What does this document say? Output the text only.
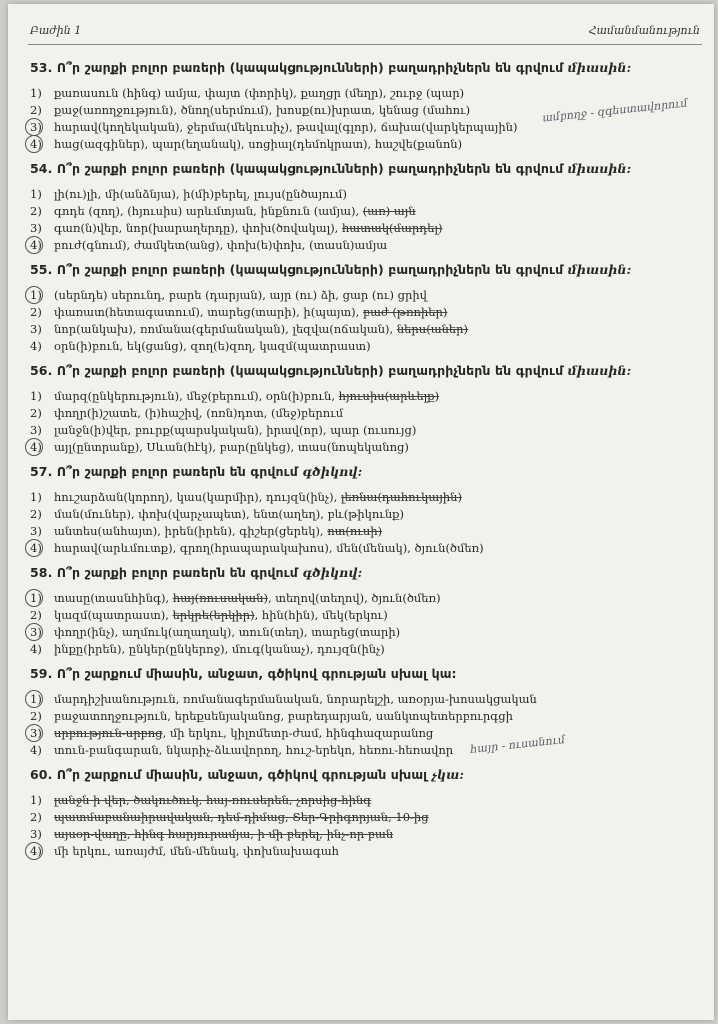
Բաժին 1	Համանմանություն
53. Ո՞ր շարքի բոլոր բառերի (կապակցությունների) բաղադրիչներն են գրվում միասին:
1) քառասուն (հինգ) ամյա, փայտ (փորիկ), քաղցր (մեղր), շուրջ (պար)
2) քաջ(առողջություն), ծնող(սերմում), խոսք(ու)խրատ, կենաց (մահու)
3) հարավ(կողեկական), ջերմա(մեկուսիչ), թավալ(գլոր), ճախա(վարկերպային)
4) հաց(ազգիներ), պար(եղանակ), սոցիալ(դեմոկրատ), հաշվե(քանոն)
54. Ո՞ր շարքի բոլոր բառերի (կապակցությունների) բաղադրիչներն են գրվում միասին:
1) լի(ու)լի, մի(անձնյա), ի(մի)բերել, լույս(ընծայում)
2) գոդե (զող), (հյուսիս) արևմտյան, ինքնուն (ամյա), (առ) այն
3) գառ(ն)վեր, նոր(խարաղերդը), փոխ(ծովակալ), հատակ(մարդել)
4) բուժ(գնում), ժամկետ(անց), փոխ(ե)փոխ, (տասն)ամյա
55. Ո՞ր շարքի բոլոր բառերի (կապակցությունների) բաղադրիչներն են գրվում միասին:
1) (սերնդե) սերունդ, բարե (դարյան), այր (ու) ձի, ցար (ու) ցրիվ
2) փառատ(հետագատում), տարեց(տարի), ի(պայտ), բաժ (թռոիեր)
3) նոր(անկախ), ռոմանա(գերմանական), լեզվա(ոճական), ներս(աներ)
4) օրն(ի)բուն, եկ(ցանց), զող(ե)զող, կազմ(պատրաստ)
56. Ո՞ր շարքի բոլոր բառերի (կապակցությունների) բաղադրիչներն են գրվում միասին:
1) մարզ(ընկերություն), մեջ(բերում), օրն(ի)բուն, հյուսիս(արևելք)
2) փողր(ի)շատե, (ի)հաշիվ, (ոռն)դոտ, (մեջ)բերում
3) լանջն(ի)վեր, բուրք(պարսկական), իրավ(որ), պար (ուսույց)
4) այլ(ընտրանք), Սևան(հէկ), բար(ընկեց), տաս(նոպեկանոց)
57. Ո՞ր շարքի բոլոր բառերն են գրվում գծիկով:
1) հուշարձան(կորող), կաս(կարմիր), դույզն(ինչ), լեռնա(դահուկային)
2) ման(մուներ), փոխ(վարչապետ), ենտ(աղեղ), բև(թիկունք)
3) անտես(անհայտ), իրեն(իրեն), գիշեր(ցերեկ), ոտ(ուսի)
4) հարավ(արևմուտք), գրող(հրապարակախոս), մեն(մենակ), ծյուն(ծմեռ)
58. Ո՞ր շարքի բոլոր բառերն են գրվում գծիկով:
1) տասը(տասնհինգ), հայ(ռուսական), տեղով(տեղով), ծյուն(ծմեռ)
2) կազմ(պատրաստ), երկրե(երկիր), հին(հին), մեկ(երկու)
3) փողր(ինչ), աղմուկ(աղաղակ), տուն(տեղ), տարեց(տարի)
4) ինքը(իրեն), ընկեր(ընկերոջ), մուգ(կանաչ), դույզն(ինչ)
59. Ո՞ր շարքում միասին, անջատ, գծիկով գրության սխալ կա:
1) մարդիշխանություն, ռոմանագերմանական, նորարելշի, առօրյա-խոսակցական
2) բաջատողջություն, երեքսենյականոց, բարեդարյան, սանկտպետերբուրգցի
3) սրբություն-սրբոց, մի երկու, կիլոմետր-ժամ, հինգհազարանոց
4) տուն-բանգարան, նկարիչ-ձևավորող, հուշ-երեկո, հեռու-հեռավոր
60. Ո՞ր շարքում միասին, անջատ, գծիկով գրության սխալ չկա:
1) լանջն ի վեր, ծակուծուկ, հայ-ռուսերեն, չորսից-հինգ
2) պատմաբանաիրավական, դեմ-դիմաց, Տեր-Գրիգորյան, 10-ից
3) այսօր-վաղը, հինգ հարյուրամյա, ի մի բերել, ինչ-որ բան
4) մի երկու, առայժմ, մեն-մենակ, փոխնախագահ
ամբողջ - զգեստավորում
հայր - ուսանում
